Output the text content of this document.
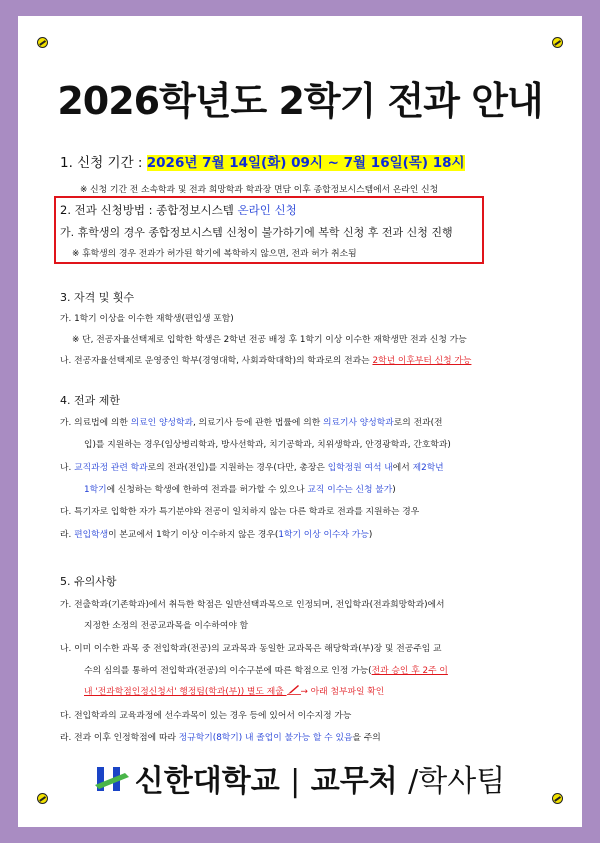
2026학년도 2학기 전과 안내
1. 신청 기간 : 2026년 7월 14일(화) 09시 ~ 7월 16일(목) 18시
※ 신청 기간 전 소속학과 및 전과 희망학과 학과장 면담 이후 종합정보시스템에서 온라인 신청
2. 전과 신청방법 : 종합정보시스템 온라인 신청
가. 휴학생의 경우 종합정보시스템 신청이 불가하기에 복학 신청 후 전과 신청 진행
※ 휴학생의 경우 전과가 허가된 학기에 복학하지 않으면, 전과 허가 취소됨
3. 자격 및 횟수
가. 1학기 이상을 이수한 재학생(편입생 포함)
※ 단, 전공자율선택제로 입학한 학생은 2학년 전공 배정 후 1학기 이상 이수한 재학생만 전과 신청 가능
나. 전공자율선택제로 운영중인 학부(경영대학, 사회과학대학)의 학과로의 전과는 2학년 이후부터 신청 가능
4. 전과 제한
가. 의료법에 의한 의료인 양성학과, 의료기사 등에 관한 법률에 의한 의료기사 양성학과로의 전과(전
입)를 지원하는 경우(임상병리학과, 방사선학과, 치기공학과, 치위생학과, 안경광학과, 간호학과)
나. 교직과정 관련 학과로의 전과(전입)를 지원하는 경우(다만, 총장은 입학정원 여석 내에서 제2학년
1학기에 신청하는 학생에 한하여 전과를 허가할 수 있으나 교직 이수는 신청 불가)
다. 특기자로 입학한 자가 특기분야와 전공이 일치하지 않는 다른 학과로 전과를 지원하는 경우
라. 편입학생이 본교에서 1학기 이상 이수하지 않은 경우(1학기 이상 이수자 가능)
5. 유의사항
가. 전출학과(기존학과)에서 취득한 학점은 일반선택과목으로 인정되며, 전입학과(전과희망학과)에서
지정한 소정의 전공교과목을 이수하여야 함
나. 이미 이수한 과목 중 전입학과(전공)의 교과목과 동일한 교과목은 해당학과(부)장 및 전공주임 교
수의 심의를 통하여 전입학과(전공)의 이수구분에 따른 학점으로 인정 가능(전과 승인 후 2주 이
내 '전과학점인정신청서' 행정팀(학과(부)) 별도 제출 → 아래 첨부파일 확인
다. 전입학과의 교육과정에 선수과목이 있는 경우 등에 있어서 이수지정 가능
라. 전과 이후 인정학점에 따라 정규학기(8학기) 내 졸업이 불가능 할 수 있음을 주의
신한대학교 | 교무처 /학사팀
